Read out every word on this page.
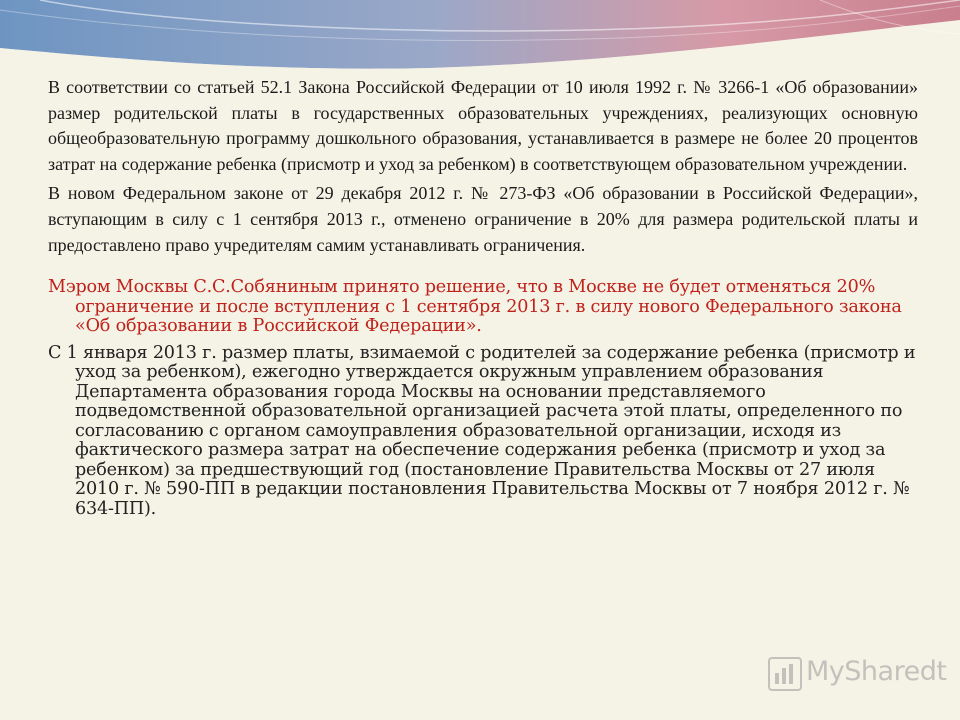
В соответствии со статьей 52.1 Закона Российской Федерации от 10 июля 1992 г. № 3266-1 «Об образовании» размер родительской платы в государственных образовательных учреждениях, реализующих основную общеобразовательную программу дошкольного образования, устанавливается в размере не более 20 процентов затрат на содержание ребенка (присмотр и уход за ребенком) в соответствующем образовательном учреждении.

В новом Федеральном законе от 29 декабря 2012 г. № 273-ФЗ «Об образовании в Российской Федерации», вступающим в силу с 1 сентября 2013 г., отменено ограничение в 20% для размера родительской платы и предоставлено право учредителям самим устанавливать ограничения.

Мэром Москвы С.С.Собяниным принято решение, что в Москве не будет отменяться 20% ограничение и после вступления с 1 сентября 2013 г. в силу нового Федерального закона «Об образовании в Российской Федерации».

С 1 января 2013 г. размер платы, взимаемой с родителей за содержание ребенка (присмотр и уход за ребенком), ежегодно утверждается окружным управлением образования Департамента образования города Москвы на основании представляемого подведомственной образовательной организацией расчета этой платы, определенного по согласованию с органом самоуправления образовательной организации, исходя из фактического размера затрат на обеспечение содержания ребенка (присмотр и уход за ребенком) за предшествующий год (постановление Правительства Москвы от 27 июля 2010 г. № 590-ПП в редакции постановления Правительства Москвы от 7 ноября 2012 г. № 634-ПП).

MySharedt
